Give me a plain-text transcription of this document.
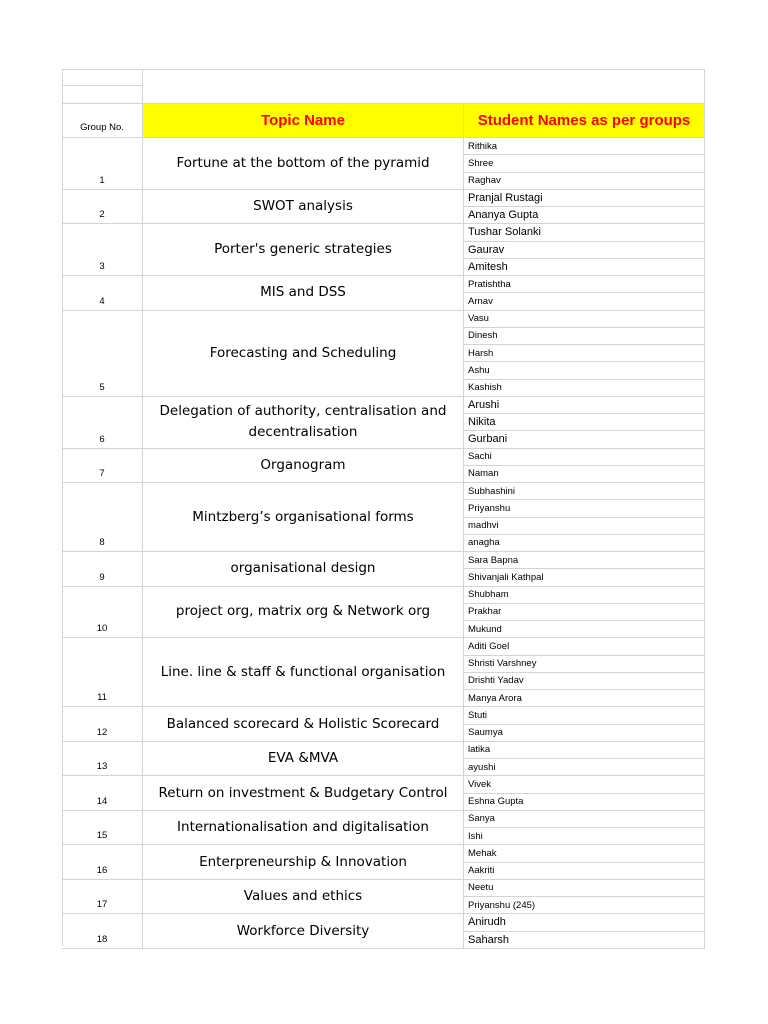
Group No.	Topic Name	Student Names as per groups
1
Fortune at the bottom of the pyramid
Rithika
Shree
Raghav
2
SWOT analysis
Pranjal Rustagi
Ananya Gupta
3
Porter's generic strategies
Tushar Solanki
Gaurav
Amitesh
4
MIS and DSS
Pratishtha
Arnav
5
Forecasting and Scheduling
Vasu
Dinesh
Harsh
Ashu
Kashish
6
Delegation of authority, centralisation and decentralisation
Arushi
Nikita
Gurbani
7
Organogram
Sachi
Naman
8
Mintzberg’s organisational forms
Subhashini
Priyanshu
madhvi
anagha
9
organisational design
Sara Bapna
Shivanjali Kathpal
10
project org, matrix org & Network org
Shubham
Prakhar
Mukund
11
Line. line & staff & functional organisation
Aditi Goel
Shristi Varshney
Drishti Yadav
Manya Arora
12
Balanced scorecard & Holistic Scorecard
Stuti
Saumya
13
EVA &MVA
latika
ayushi
14
Return on investment & Budgetary Control
Vivek
Eshna Gupta
15
Internationalisation and digitalisation
Sanya
Ishi
16
Enterpreneurship & Innovation
Mehak
Aakriti
17
Values and ethics
Neetu
Priyanshu (245)
18
Workforce Diversity
Anirudh
Saharsh
